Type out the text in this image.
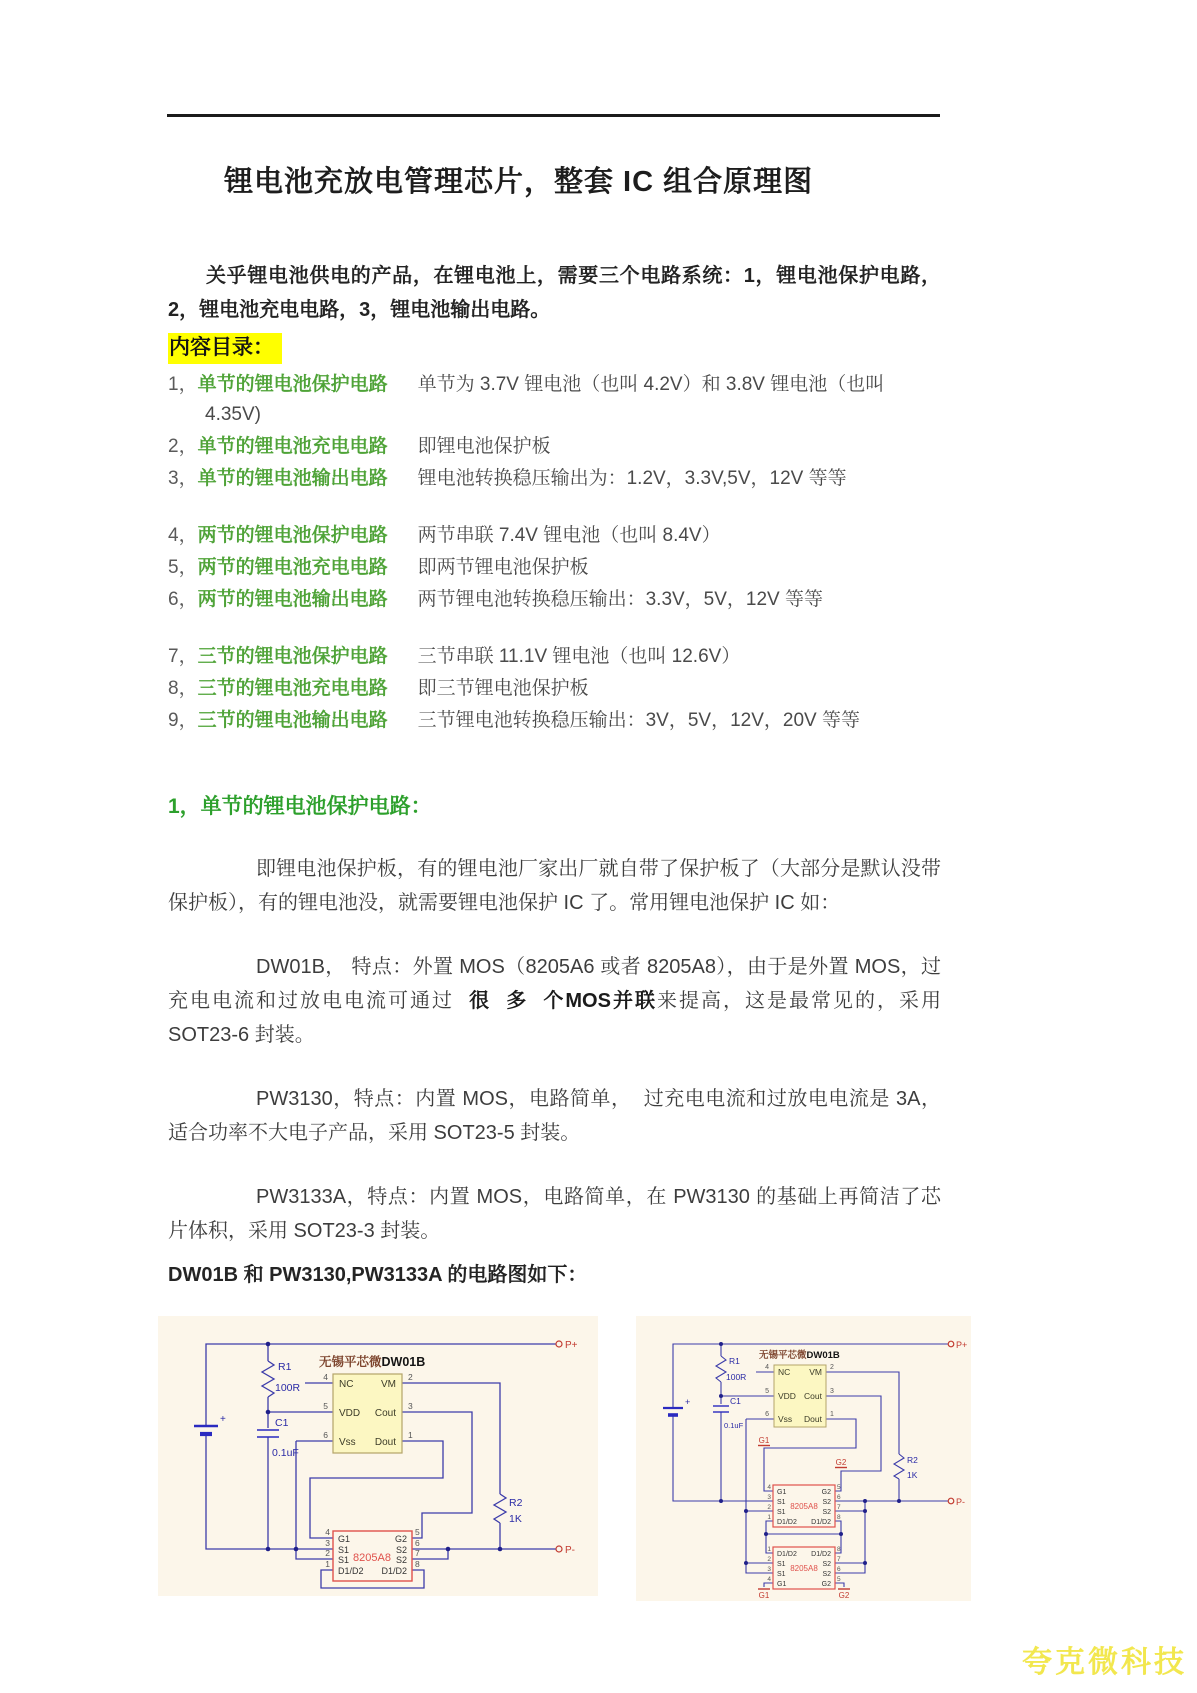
锂电池充放电管理芯片，整套 IC 组合原理图

关乎锂电池供电的产品，在锂电池上，需要三个电路系统：1，锂电池保护电路，2，锂电池充电电路，3，锂电池输出电路。

内容目录：
1，单节的锂电池保护电路 单节为 3.7V 锂电池（也叫 4.2V）和 3.8V 锂电池（也叫 4.35V)
2，单节的锂电池充电电路 即锂电池保护板
3，单节的锂电池输出电路 锂电池转换稳压输出为：1.2V，3.3V,5V，12V 等等
4，两节的锂电池保护电路 两节串联 7.4V 锂电池（也叫 8.4V）
5，两节的锂电池充电电路 即两节锂电池保护板
6，两节的锂电池输出电路 两节锂电池转换稳压输出：3.3V，5V，12V 等等
7，三节的锂电池保护电路 三节串联 11.1V 锂电池（也叫 12.6V）
8，三节的锂电池充电电路 即三节锂电池保护板
9，三节的锂电池输出电路 三节锂电池转换稳压输出：3V，5V，12V，20V 等等
1，单节的锂电池保护电路：

即锂电池保护板，有的锂电池厂家出厂就自带了保护板了（大部分是默认没带保护板），有的锂电池没，就需要锂电池保护 IC 了。常用锂电池保护 IC 如：

DW01B， 特点：外置 MOS（8205A6 或者 8205A8），由于是外置 MOS，过充电电流和过放电电流可通过  很  多  个MOS并联来提高，这是最常见的，采用 SOT23-6 封装。

PW3130，特点：内置 MOS，电路简单，  过充电电流和过放电电流是 3A，适合功率不大电子产品，采用 SOT23-5 封装。

PW3133A，特点：内置 MOS，电路简单，在 PW3130 的基础上再简洁了芯片体积，采用 SOT23-3 封装。

DW01B 和 PW3130,PW3133A 的电路图如下：

+
R1
100R
C1
0.1uF
R2
1K
无锡平芯微DW01B
NC
VDD
Vss
VM
Cout
Dout
4
5
6
2
3
1
8205A8
G1
S1
S1
D1/D2
G2
S2
S2
D1/D2
4
3
2
1
5
6
7
8
P+
P-
+
R1
100R
C1
0.1uF
R2
1K
无锡平芯微DW01B
NC
VDD
Vss
VM
Cout
Dout
4
5
6
2
3
1
G1
G2
8205A8
G1
S1
S1
D1/D2
G2
S2
S2
D1/D2
4
3
2
1
5
6
7
8
8205A8
D1/D2
S1
S1
G1
D1/D2
S2
S2
G2
1
2
3
4
8
7
6
5
G1	G2
P+
P-
夸克微科技
